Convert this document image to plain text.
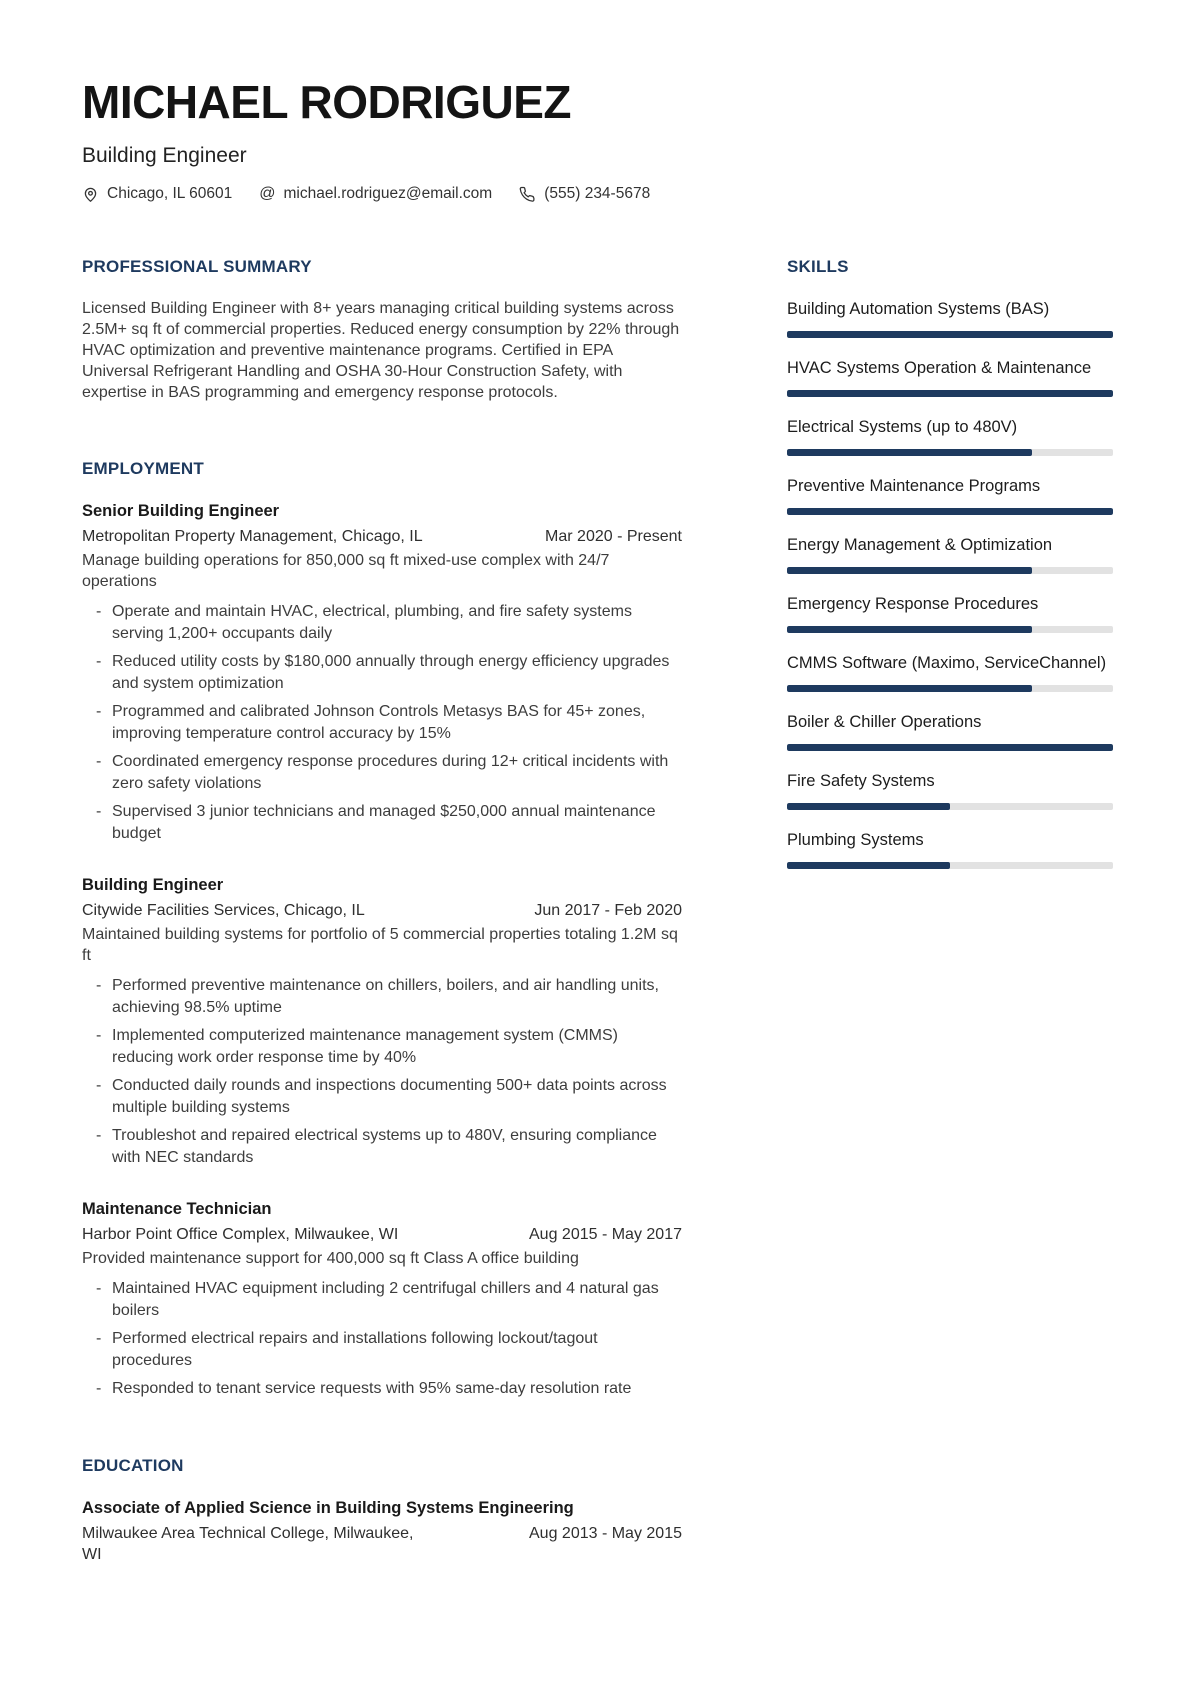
MICHAEL RODRIGUEZ
Building Engineer
Chicago, IL 60601 @ michael.rodriguez@email.com	(555) 234-5678
PROFESSIONAL SUMMARY

Licensed Building Engineer with 8+ years managing critical building systems across 2.5M+ sq ft of commercial properties. Reduced energy consumption by 22% through HVAC optimization and preventive maintenance programs. Certified in EPA Universal Refrigerant Handling and OSHA 30-Hour Construction Safety, with expertise in BAS programming and emergency response protocols.

EMPLOYMENT
Senior Building Engineer
Metropolitan Property Management, Chicago, IL	Mar 2020 - Present
Manage building operations for 850,000 sq ft mixed-use complex with 24/7 operations
- Operate and maintain HVAC, electrical, plumbing, and fire safety systems serving 1,200+ occupants daily
- Reduced utility costs by $180,000 annually through energy efficiency upgrades and system optimization
- Programmed and calibrated Johnson Controls Metasys BAS for 45+ zones, improving temperature control accuracy by 15%
- Coordinated emergency response procedures during 12+ critical incidents with zero safety violations
- Supervised 3 junior technicians and managed $250,000 annual maintenance budget
Building Engineer
Citywide Facilities Services, Chicago, IL	Jun 2017 - Feb 2020
Maintained building systems for portfolio of 5 commercial properties totaling 1.2M sq ft
- Performed preventive maintenance on chillers, boilers, and air handling units, achieving 98.5% uptime
- Implemented computerized maintenance management system (CMMS) reducing work order response time by 40%
- Conducted daily rounds and inspections documenting 500+ data points across multiple building systems
- Troubleshot and repaired electrical systems up to 480V, ensuring compliance with NEC standards
Maintenance Technician
Harbor Point Office Complex, Milwaukee, WI	Aug 2015 - May 2017
Provided maintenance support for 400,000 sq ft Class A office building
- Maintained HVAC equipment including 2 centrifugal chillers and 4 natural gas boilers
- Performed electrical repairs and installations following lockout/tagout procedures
- Responded to tenant service requests with 95% same-day resolution rate
EDUCATION
Associate of Applied Science in Building Systems Engineering
Milwaukee Area Technical College, Milwaukee, WI
Aug 2013 - May 2015
SKILLS
Building Automation Systems (BAS)
HVAC Systems Operation & Maintenance
Electrical Systems (up to 480V)
Preventive Maintenance Programs
Energy Management & Optimization
Emergency Response Procedures
CMMS Software (Maximo, ServiceChannel)
Boiler & Chiller Operations
Fire Safety Systems
Plumbing Systems
